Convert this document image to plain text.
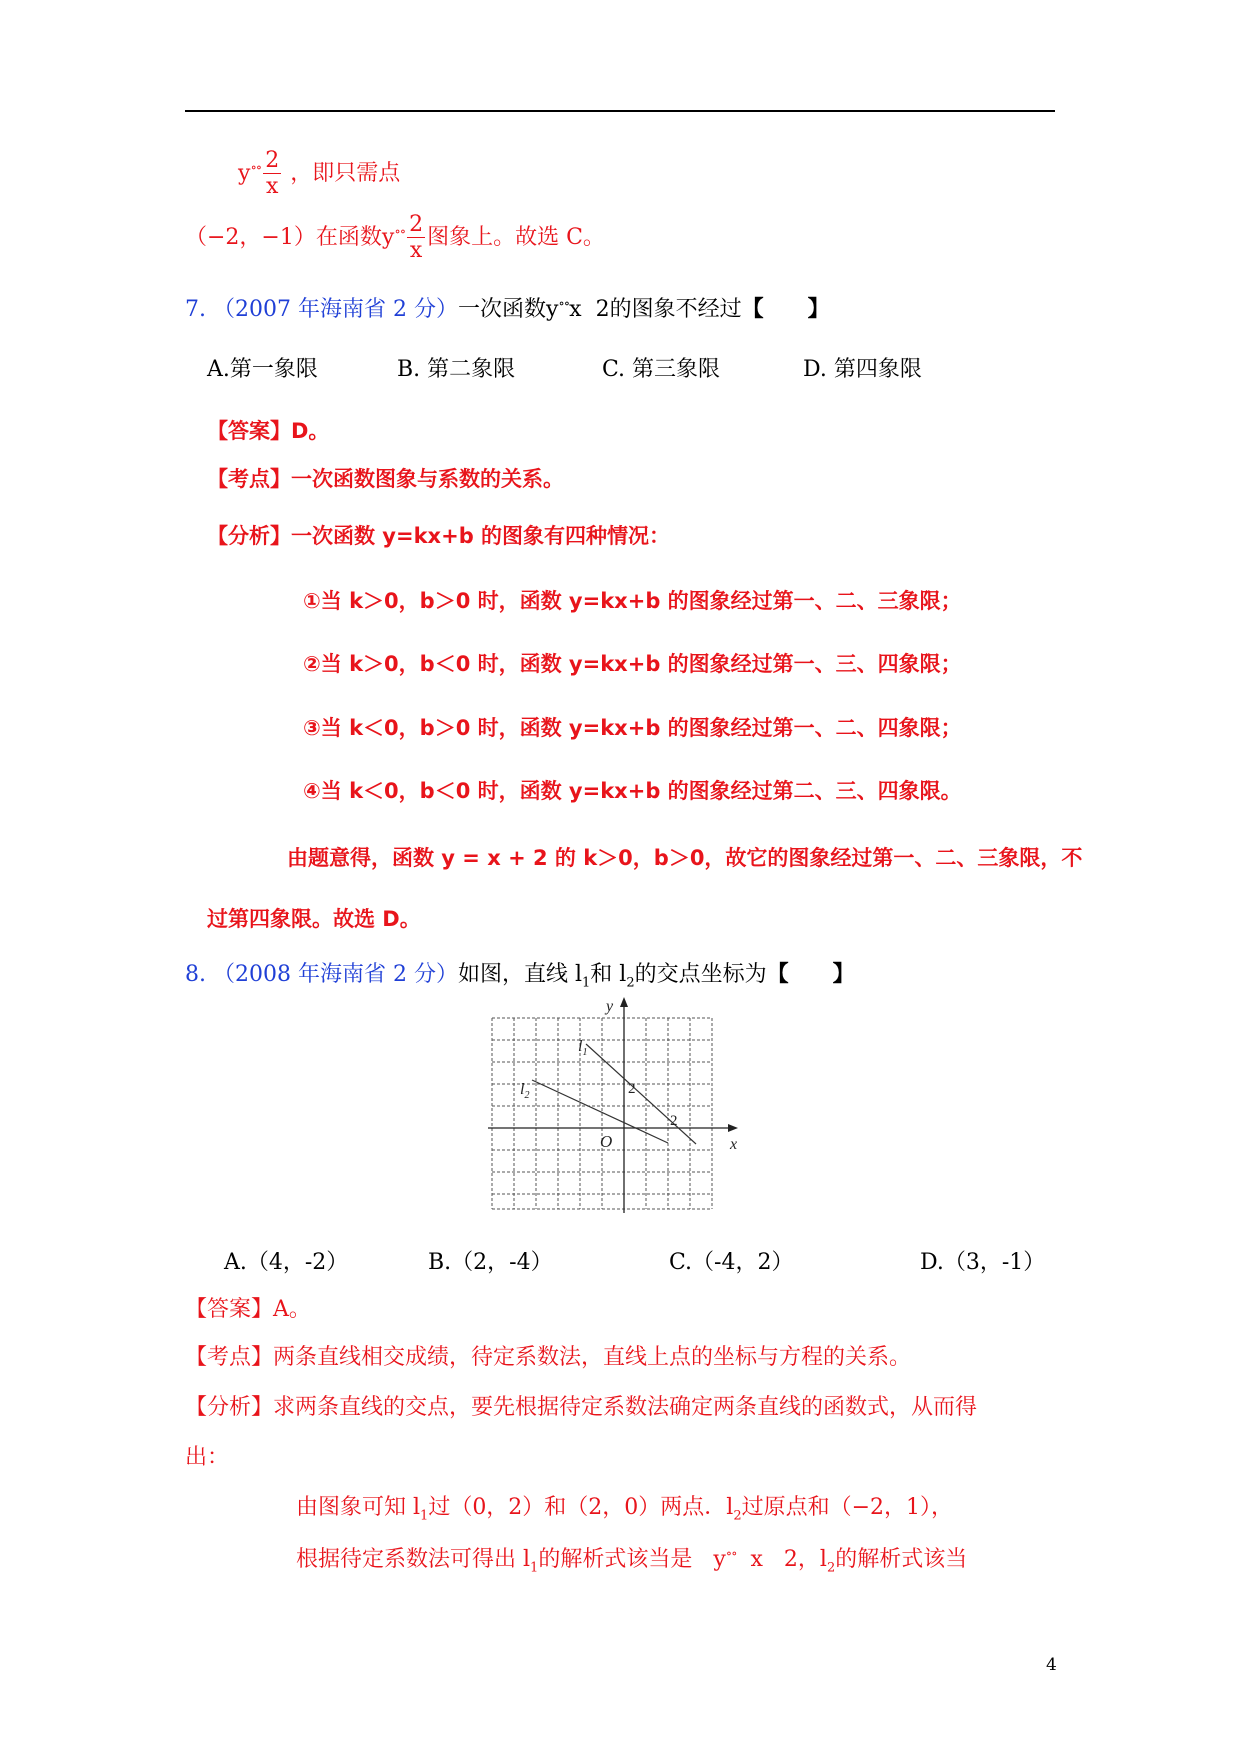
$y^{\circ\circ} \frac{2}{x}$ ，即只需点
（−2，−1）在函数$y^{\circ\circ} \frac{2}{x}$ 图象上。故选 C。
7. （2007 年海南省 2 分）一次函数y∘∘x 2的图象不经过【　　】
A.第一象限	B. 第二象限	C. 第三象限	D. 第四象限
【答案】D。
【考点】一次函数图象与系数的关系。
【分析】一次函数 y=kx+b 的图象有四种情况：
①当 k＞0，b＞0 时，函数 y=kx+b 的图象经过第一、二、三象限；
②当 k＞0，b＜0 时，函数 y=kx+b 的图象经过第一、三、四象限；
③当 k＜0，b＞0 时，函数 y=kx+b 的图象经过第一、二、四象限；
④当 k＜0，b＜0 时，函数 y=kx+b 的图象经过第二、三、四象限。
由题意得，函数 y = x + 2 的 k＞0，b＞0，故它的图象经过第一、二、三象限，不
过第四象限。故选 D。
8. （2008 年海南省 2 分）如图，直线 $l_1$和 $l_2$的交点坐标为【　　】
y
x
O
2
2
$l_1$
$l_2$
A.（4，-2）	B.（2，-4）	C.（-4，2）	D.（3，-1）
【答案】A。
【考点】两条直线相交成绩，待定系数法，直线上点的坐标与方程的关系。
【分析】求两条直线的交点，要先根据待定系数法确定两条直线的函数式，从而得
出：
由图象可知 $l_1$过（0，2）和（2，0）两点．$l_2$过原点和（−2，1），
根据待定系数法可得出 $l_1$的解析式该当是 y∘∘ x 2，$l_2$的解析式该当
4
